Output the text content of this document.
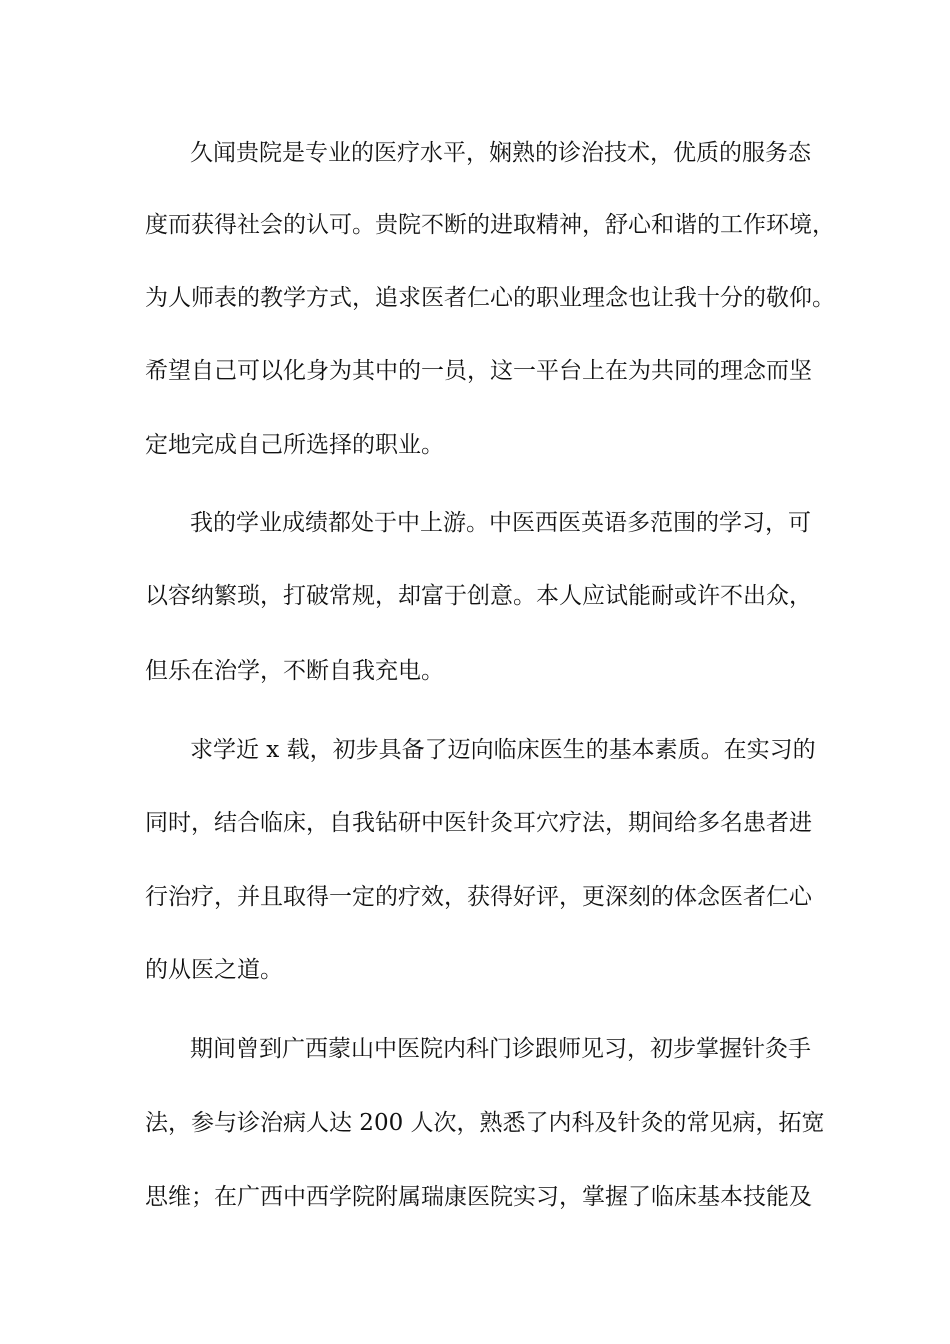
久闻贵院是专业的医疗水平，娴熟的诊治技术，优质的服务态
度而获得社会的认可。贵院不断的进取精神，舒心和谐的工作环境，
为人师表的教学方式，追求医者仁心的职业理念也让我十分的敬仰。
希望自己可以化身为其中的一员，这一平台上在为共同的理念而坚
定地完成自己所选择的职业。
我的学业成绩都处于中上游。中医西医英语多范围的学习，可
以容纳繁琐，打破常规，却富于创意。本人应试能耐或许不出众，
但乐在治学，不断自我充电。
求学近 x 载，初步具备了迈向临床医生的基本素质。在实习的
同时，结合临床，自我钻研中医针灸耳穴疗法，期间给多名患者进
行治疗，并且取得一定的疗效，获得好评，更深刻的体念医者仁心
的从医之道。
期间曾到广西蒙山中医院内科门诊跟师见习，初步掌握针灸手
法，参与诊治病人达 200 人次，熟悉了内科及针灸的常见病，拓宽
思维；在广西中西学院附属瑞康医院实习，掌握了临床基本技能及
